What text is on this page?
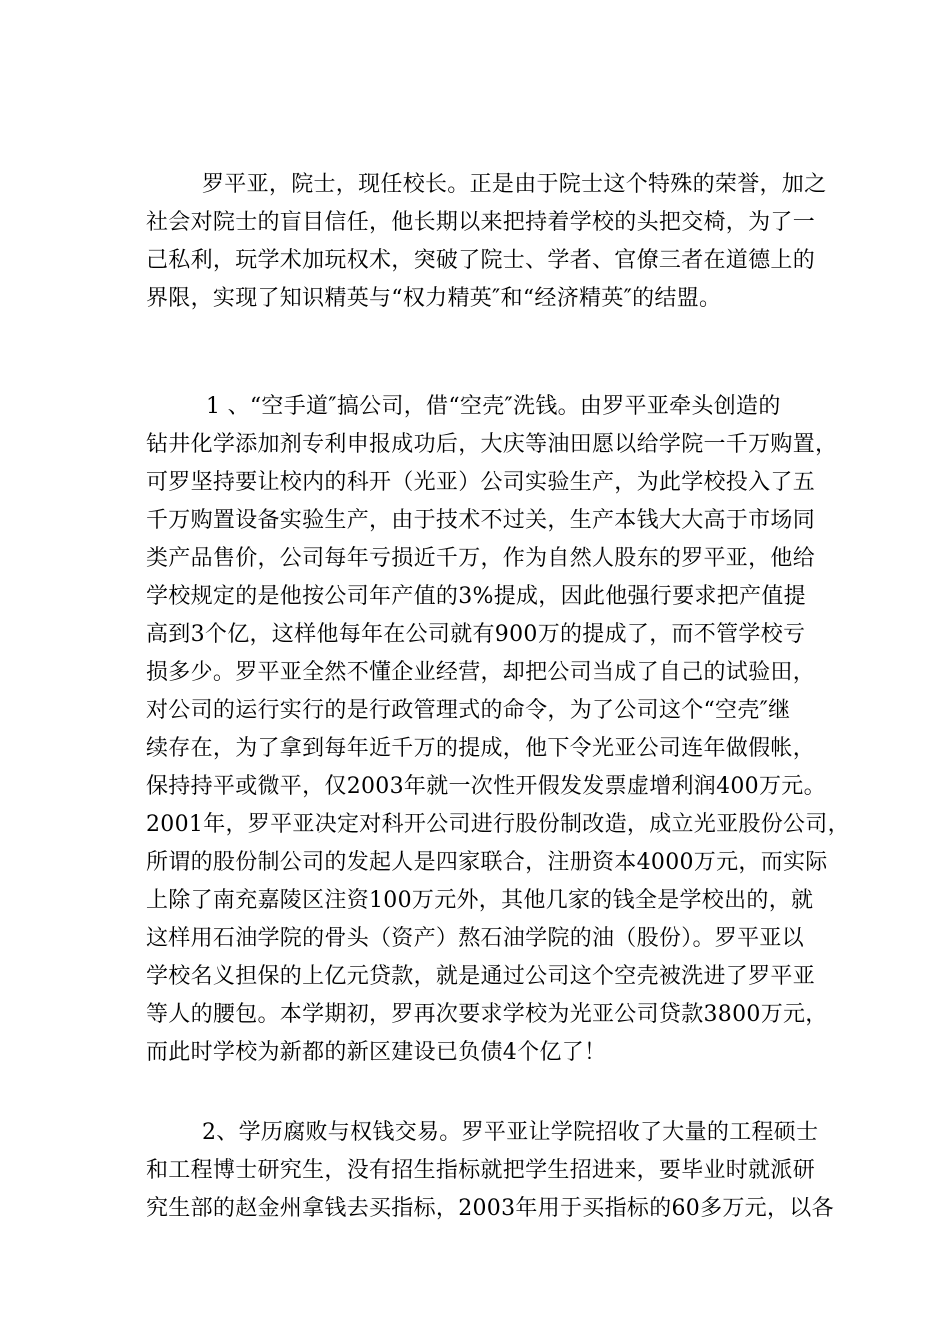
罗平亚，院士，现任校长。正是由于院士这个特殊的荣誉，加之
社会对院士的盲目信任，他长期以来把持着学校的头把交椅，为了一
己私利，玩学术加玩权术，突破了院士、学者、官僚三者在道德上的
界限，实现了知识精英与“权力精英″和“经济精英″的结盟。
1 、“空手道″搞公司，借“空壳″洗钱。由罗平亚牵头创造的
钻井化学添加剂专利申报成功后，大庆等油田愿以给学院一千万购置，
可罗坚持要让校内的科开（光亚）公司实验生产，为此学校投入了五
千万购置设备实验生产，由于技术不过关，生产本钱大大高于市场同
类产品售价，公司每年亏损近千万，作为自然人股东的罗平亚，他给
学校规定的是他按公司年产值的3%提成，因此他强行要求把产值提
高到3个亿，这样他每年在公司就有900万的提成了，而不管学校亏
损多少。罗平亚全然不懂企业经营，却把公司当成了自己的试验田，
对公司的运行实行的是行政管理式的命令，为了公司这个“空壳″继
续存在，为了拿到每年近千万的提成，他下令光亚公司连年做假帐，
保持持平或微平，仅2003年就一次性开假发发票虚增利润400万元。
2001年，罗平亚决定对科开公司进行股份制改造，成立光亚股份公司，
所谓的股份制公司的发起人是四家联合，注册资本4000万元，而实际
上除了南充嘉陵区注资100万元外，其他几家的钱全是学校出的，就
这样用石油学院的骨头（资产）熬石油学院的油（股份）。罗平亚以
学校名义担保的上亿元贷款，就是通过公司这个空壳被洗进了罗平亚
等人的腰包。本学期初，罗再次要求学校为光亚公司贷款3800万元，
而此时学校为新都的新区建设已负债4个亿了！
2、学历腐败与权钱交易。罗平亚让学院招收了大量的工程硕士
和工程博士研究生，没有招生指标就把学生招进来，要毕业时就派研
究生部的赵金州拿钱去买指标，2003年用于买指标的60多万元，以各
